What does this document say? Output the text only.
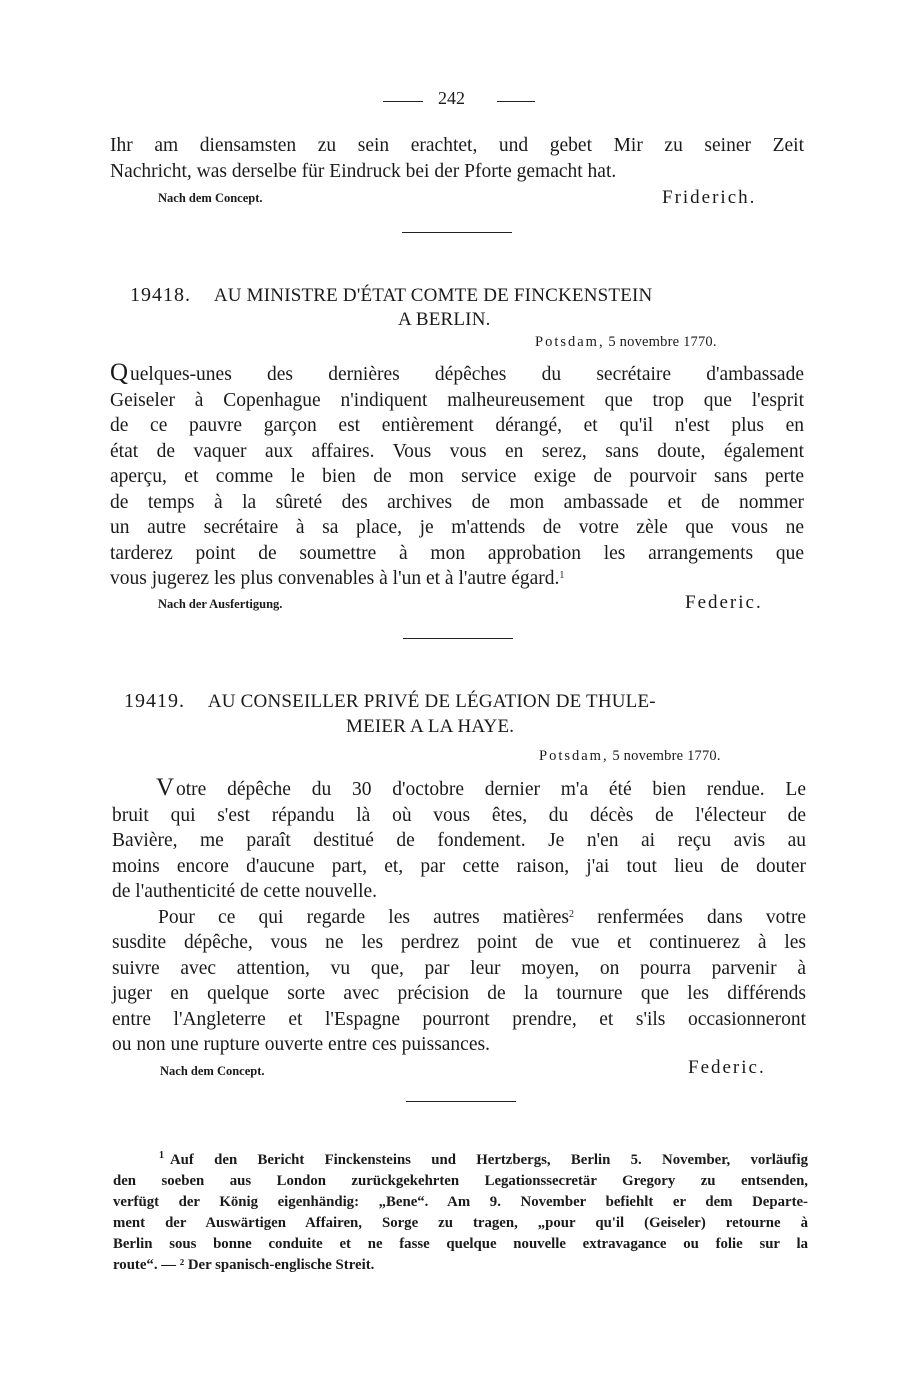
242
Ihr am diensamsten zu sein erachtet, und gebet Mir zu seiner Zeit
Nachricht, was derselbe für Eindruck bei der Pforte gemacht hat.
Nach dem Concept.	Friderich.
19418. AU MINISTRE D'ÉTAT COMTE DE FINCKENSTEIN
A BERLIN.
Potsdam, 5 novembre 1770.
Quelques-unes des dernières dépêches du secrétaire d'ambassade
Geiseler à Copenhague n'indiquent malheureusement que trop que l'esprit
de ce pauvre garçon est entièrement dérangé, et qu'il n'est plus en
état de vaquer aux affaires. Vous vous en serez, sans doute, également
aperçu, et comme le bien de mon service exige de pourvoir sans perte
de temps à la sûreté des archives de mon ambassade et de nommer
un autre secrétaire à sa place, je m'attends de votre zèle que vous ne
tarderez point de soumettre à mon approbation les arrangements que
vous jugerez les plus convenables à l'un et à l'autre égard.$^1$
Nach der Ausfertigung.	Federic.
19419. AU CONSEILLER PRIVÉ DE LÉGATION DE THULE-
MEIER A LA HAYE.
Potsdam, 5 novembre 1770.
Votre dépêche du 30 d'octobre dernier m'a été bien rendue. Le
bruit qui s'est répandu là où vous êtes, du décès de l'électeur de
Bavière, me paraît destitué de fondement. Je n'en ai reçu avis au
moins encore d'aucune part, et, par cette raison, j'ai tout lieu de douter
de l'authenticité de cette nouvelle.
Pour ce qui regarde les autres matières$^2$ renfermées dans votre
susdite dépêche, vous ne les perdrez point de vue et continuerez à les
suivre avec attention, vu que, par leur moyen, on pourra parvenir à
juger en quelque sorte avec précision de la tournure que les différends
entre l'Angleterre et l'Espagne pourront prendre, et s'ils occasionneront
ou non une rupture ouverte entre ces puissances.
Nach dem Concept.	Federic.
$^1$ Auf den Bericht Finckensteins und Hertzbergs, Berlin 5. November, vorläufig
den soeben aus London zurückgekehrten Legationssecretär Gregory zu entsenden,
verfügt der König eigenhändig: „Bene“. Am 9. November befiehlt er dem Departe-
ment der Auswärtigen Affairen, Sorge zu tragen, „pour qu'il (Geiseler) retourne à
Berlin sous bonne conduite et ne fasse quelque nouvelle extravagance ou folie sur la
route“. — ² Der spanisch-englische Streit.
